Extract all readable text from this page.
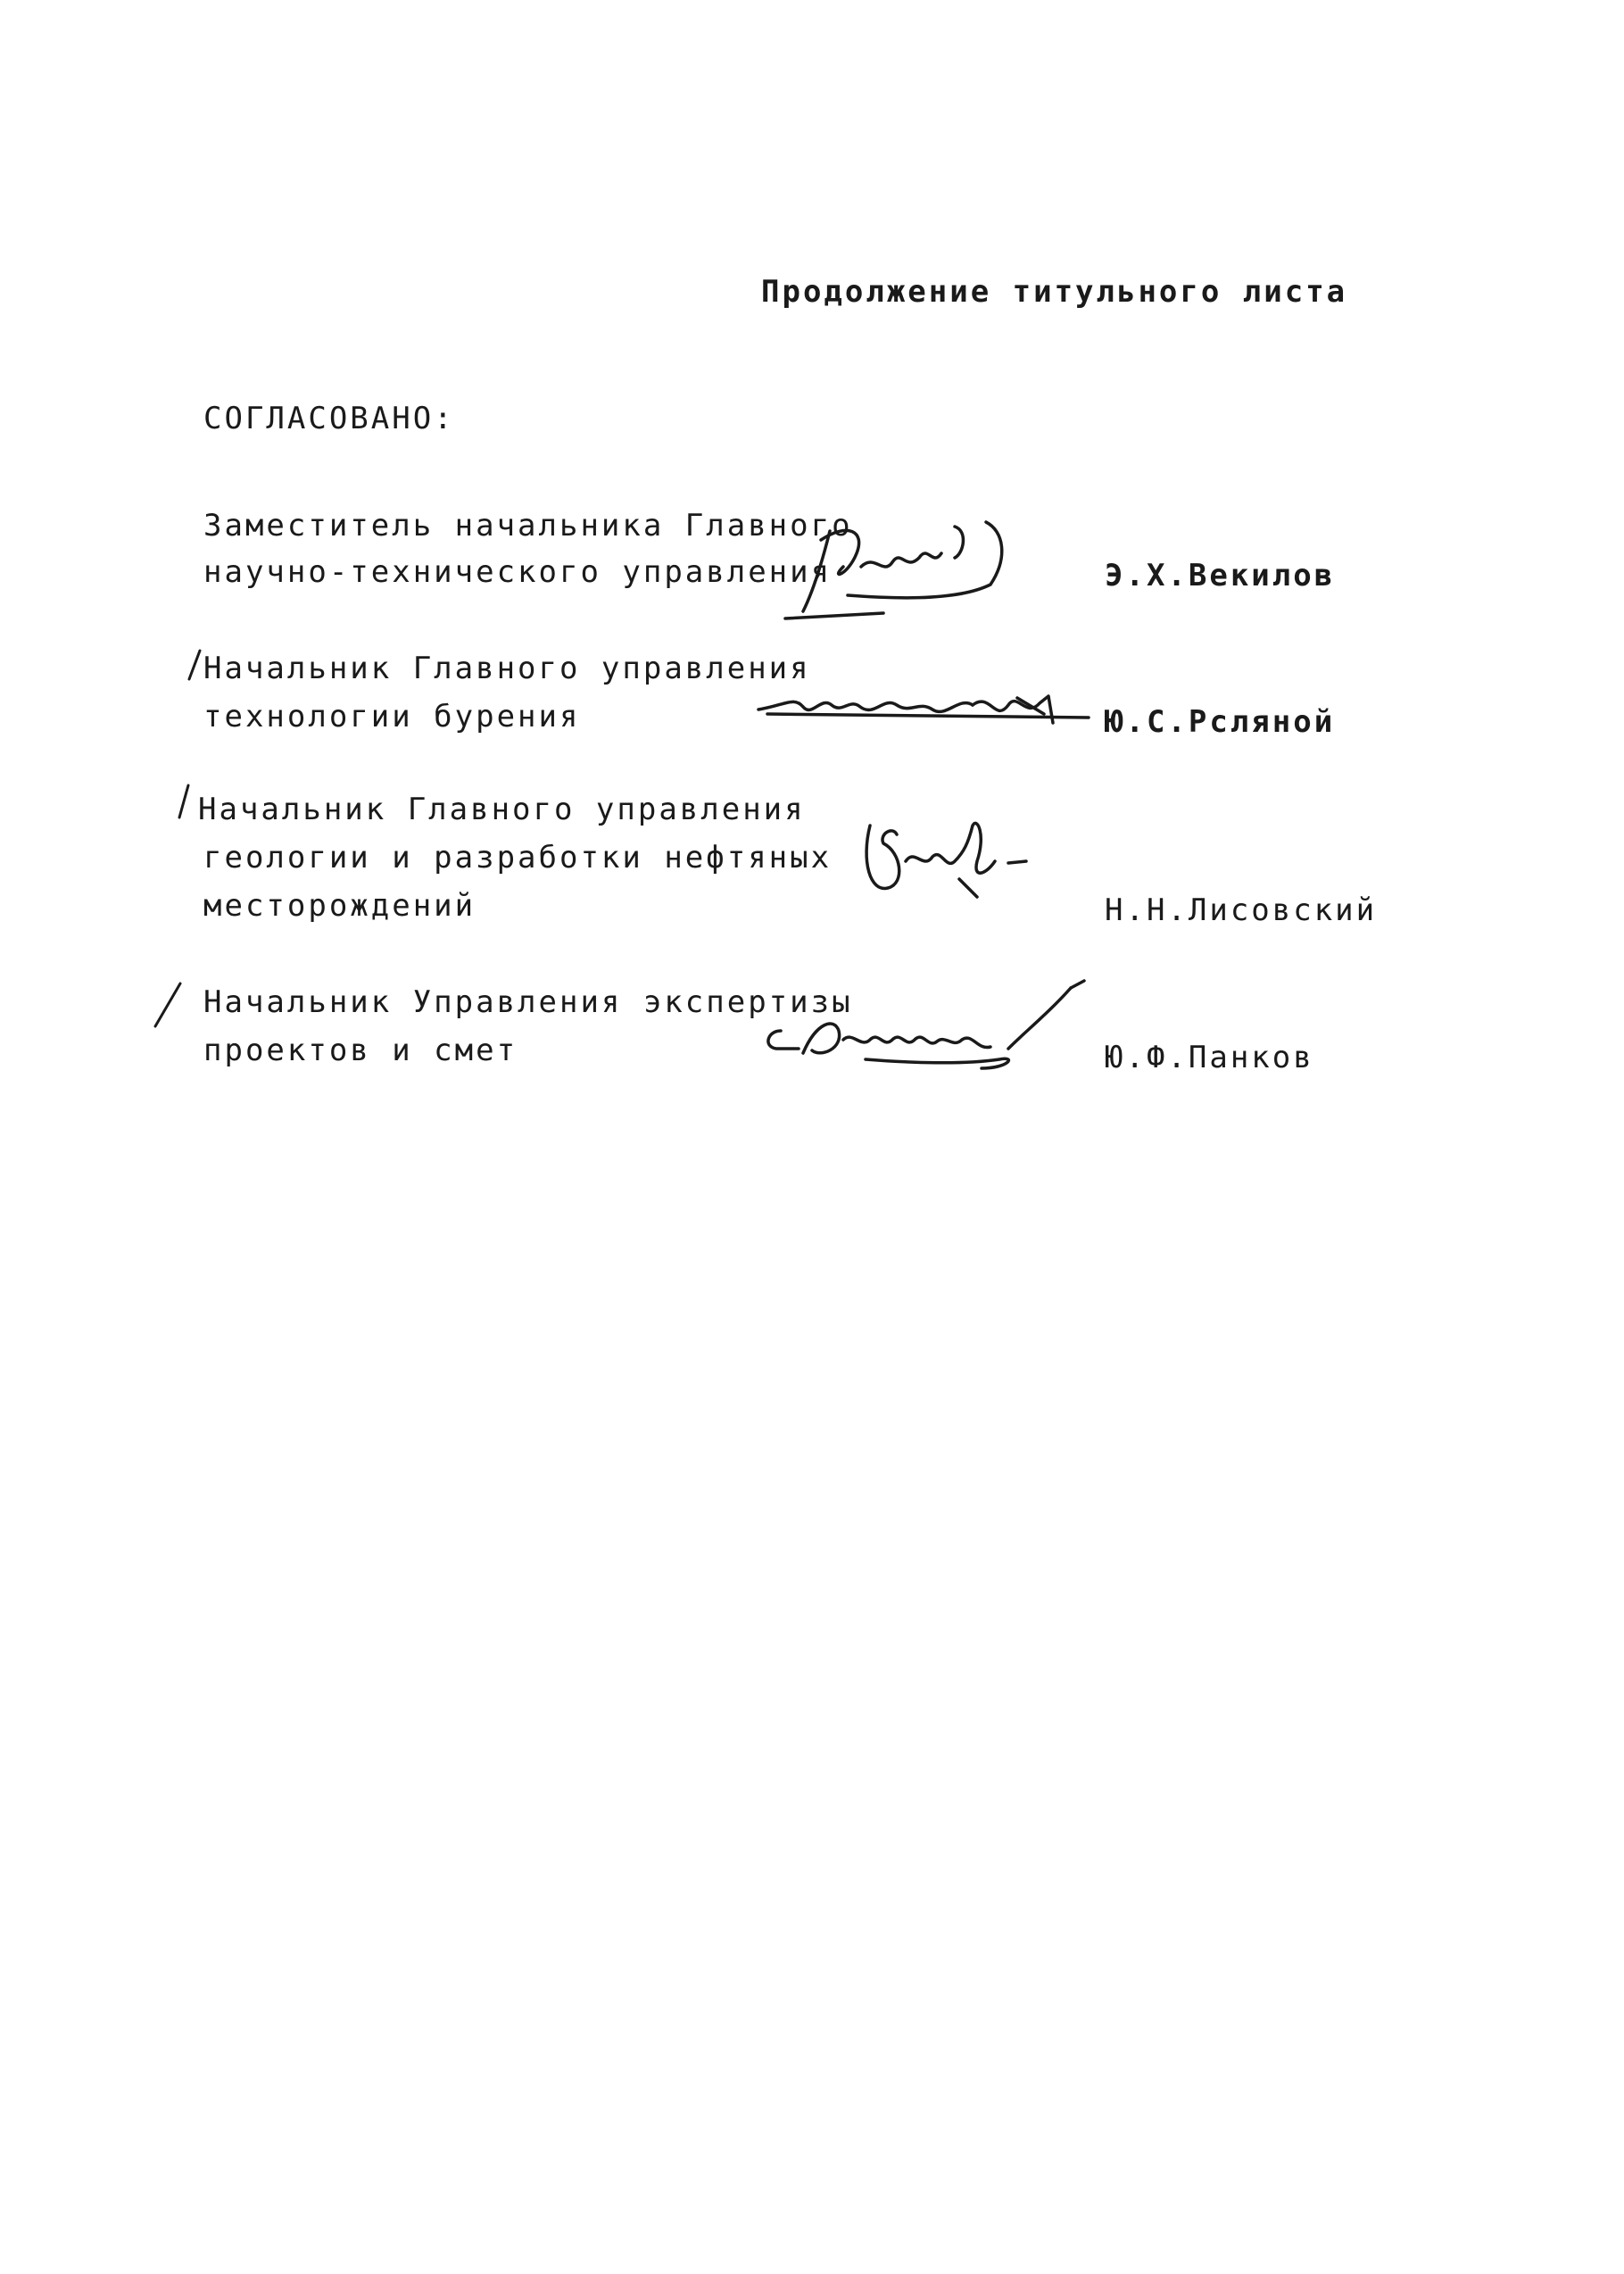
Продолжение титульного листа
СОГЛАСОВАНО:
Заместитель начальника Главного
научно-технического управления	Э.Х.Векилов
Начальник Главного управления
технологии бурения	Ю.С.Рсляной
Начальник Главного управления
геологии и разработки нефтяных
месторождений	Н.Н.Лисовский
Начальник Управления экспертизы
проектов и смет	Ю.Ф.Панков
